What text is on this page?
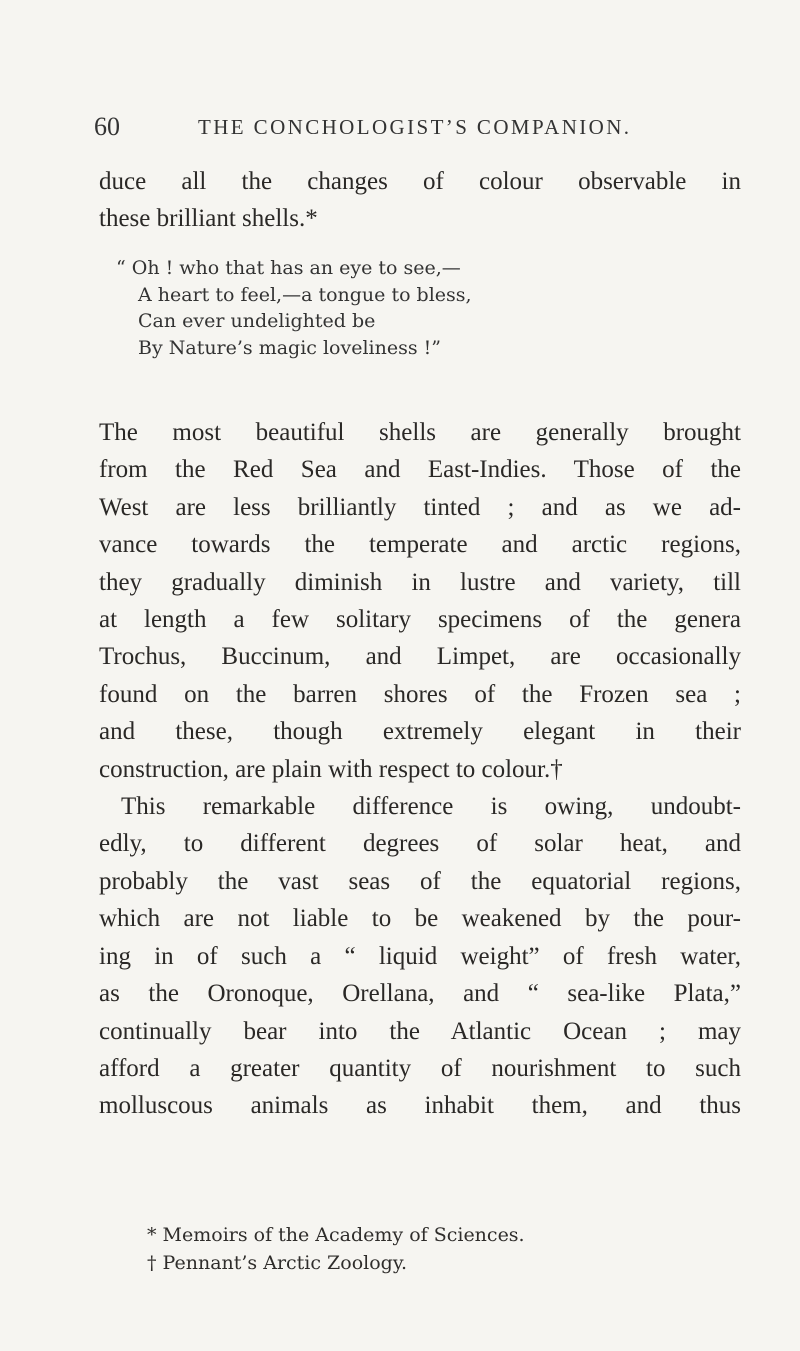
60	THE CONCHOLOGIST’S COMPANION.
duce all the changes of colour observable in
these brilliant shells.*
“ Oh ! who that has an eye to see,—
A heart to feel,—a tongue to bless,
Can ever undelighted be
By Nature’s magic loveliness !”
The most beautiful shells are generally brought
from the Red Sea and East-Indies. Those of the
West are less brilliantly tinted ; and as we ad-
vance towards the temperate and arctic regions,
they gradually diminish in lustre and variety, till
at length a few solitary specimens of the genera
Trochus, Buccinum, and Limpet, are occasionally
found on the barren shores of the Frozen sea ;
and these, though extremely elegant in their
construction, are plain with respect to colour.†
This remarkable difference is owing, undoubt-
edly, to different degrees of solar heat, and
probably the vast seas of the equatorial regions,
which are not liable to be weakened by the pour-
ing in of such a “ liquid weight” of fresh water,
as the Oronoque, Orellana, and “ sea-like Plata,”
continually bear into the Atlantic Ocean ; may
afford a greater quantity of nourishment to such
molluscous animals as inhabit them, and thus
* Memoirs of the Academy of Sciences.
† Pennant’s Arctic Zoology.
